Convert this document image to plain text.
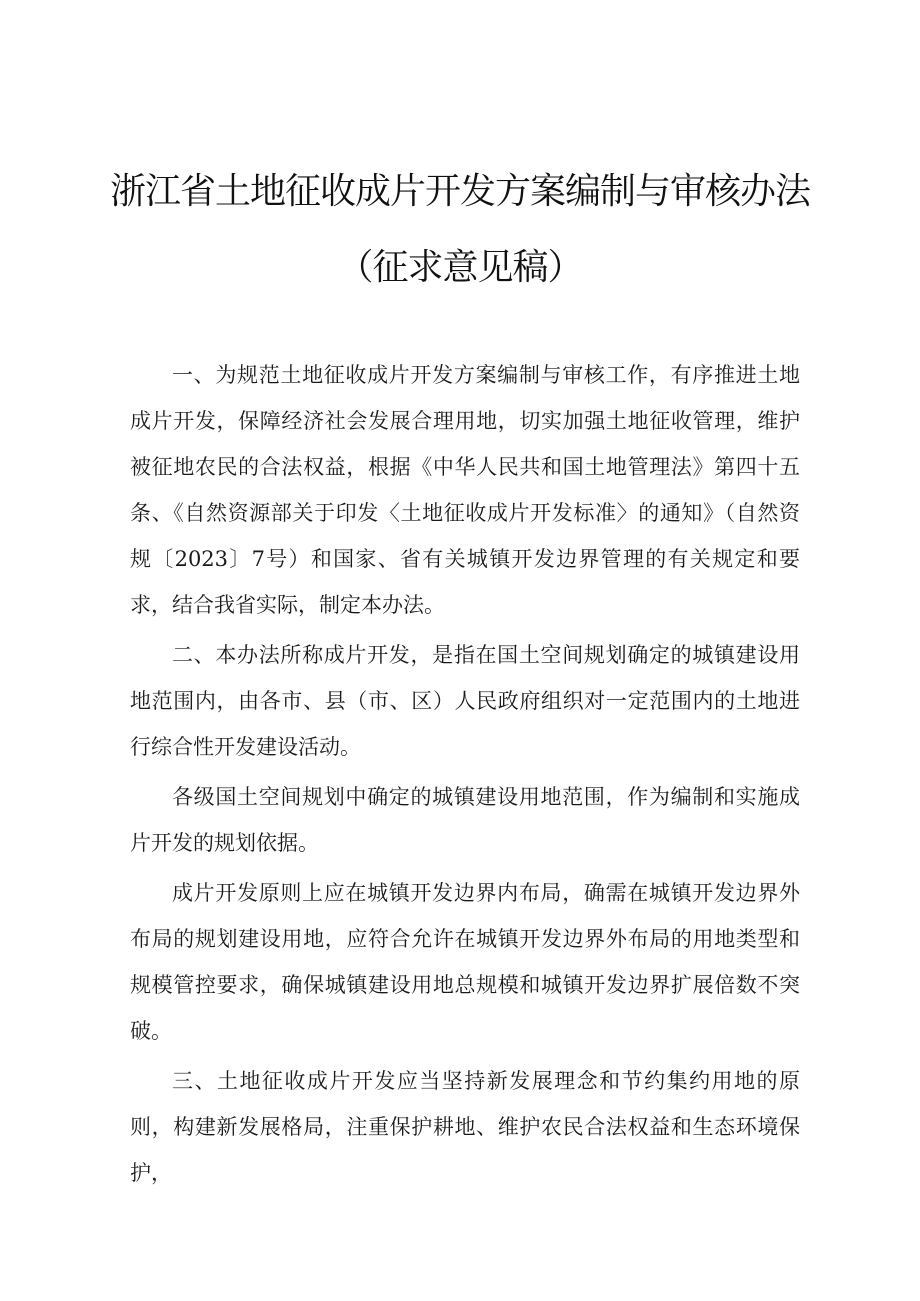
浙江省土地征收成片开发方案编制与审核办法
（征求意见稿）

一、为规范土地征收成片开发方案编制与审核工作，有序推进土地成片开发，保障经济社会发展合理用地，切实加强土地征收管理，维护被征地农民的合法权益，根据《中华人民共和国土地管理法》第四十五条、《自然资源部关于印发〈土地征收成片开发标准〉的通知》（自然资规〔2023〕7号）和国家、省有关城镇开发边界管理的有关规定和要求，结合我省实际，制定本办法。

二、本办法所称成片开发，是指在国土空间规划确定的城镇建设用地范围内，由各市、县（市、区）人民政府组织对一定范围内的土地进行综合性开发建设活动。

各级国土空间规划中确定的城镇建设用地范围，作为编制和实施成片开发的规划依据。

成片开发原则上应在城镇开发边界内布局，确需在城镇开发边界外布局的规划建设用地，应符合允许在城镇开发边界外布局的用地类型和规模管控要求，确保城镇建设用地总规模和城镇开发边界扩展倍数不突破。

三、土地征收成片开发应当坚持新发展理念和节约集约用地的原则，构建新发展格局，注重保护耕地、维护农民合法权益和生态环境保护，
